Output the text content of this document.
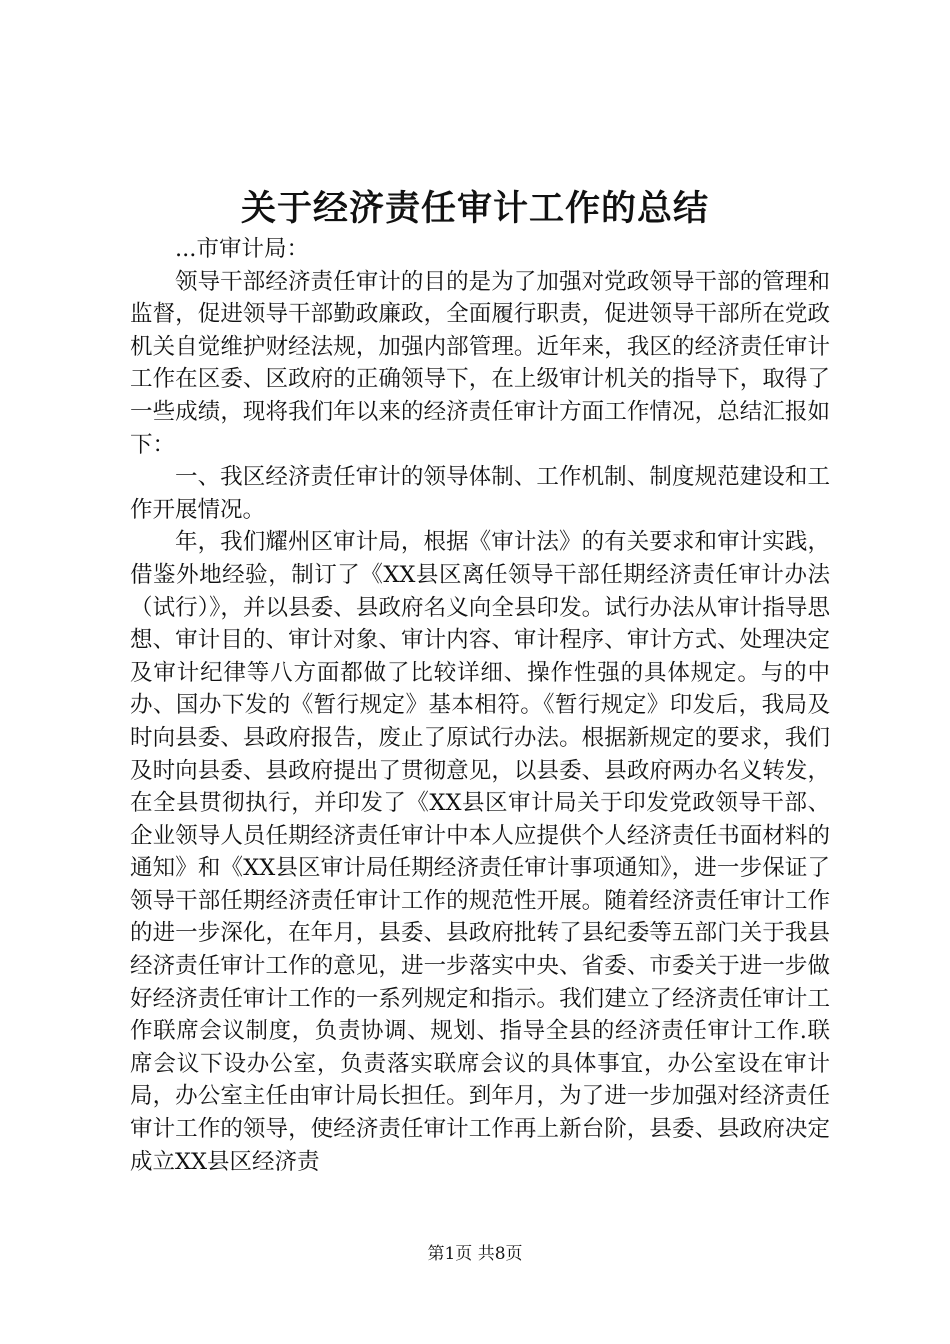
关于经济责任审计工作的总结

...市审计局：

领导干部经济责任审计的目的是为了加强对党政领导干部的管理和监督，促进领导干部勤政廉政，全面履行职责，促进领导干部所在党政机关自觉维护财经法规，加强内部管理。近年来，我区的经济责任审计工作在区委、区政府的正确领导下，在上级审计机关的指导下，取得了一些成绩，现将我们年以来的经济责任审计方面工作情况，总结汇报如下：

一、我区经济责任审计的领导体制、工作机制、制度规范建设和工作开展情况。

年，我们耀州区审计局，根据《审计法》的有关要求和审计实践，借鉴外地经验，制订了《XX县区离任领导干部任期经济责任审计办法（试行）》，并以县委、县政府名义向全县印发。试行办法从审计指导思想、审计目的、审计对象、审计内容、审计程序、审计方式、处理决定及审计纪律等八方面都做了比较详细、操作性强的具体规定。与的中办、国办下发的《暂行规定》基本相符。《暂行规定》印发后，我局及时向县委、县政府报告，废止了原试行办法。根据新规定的要求，我们及时向县委、县政府提出了贯彻意见，以县委、县政府两办名义转发，在全县贯彻执行，并印发了《XX县区审计局关于印发党政领导干部、企业领导人员任期经济责任审计中本人应提供个人经济责任书面材料的通知》和《XX县区审计局任期经济责任审计事项通知》，进一步保证了领导干部任期经济责任审计工作的规范性开展。随着经济责任审计工作的进一步深化，在年月，县委、县政府批转了县纪委等五部门关于我县经济责任审计工作的意见，进一步落实中央、省委、市委关于进一步做好经济责任审计工作的一系列规定和指示。我们建立了经济责任审计工作联席会议制度，负责协调、规划、指导全县的经济责任审计工作.联席会议下设办公室，负责落实联席会议的具体事宜，办公室设在审计局，办公室主任由审计局长担任。到年月，为了进一步加强对经济责任审计工作的领导，使经济责任审计工作再上新台阶，县委、县政府决定成立XX县区经济责

第1页 共8页
